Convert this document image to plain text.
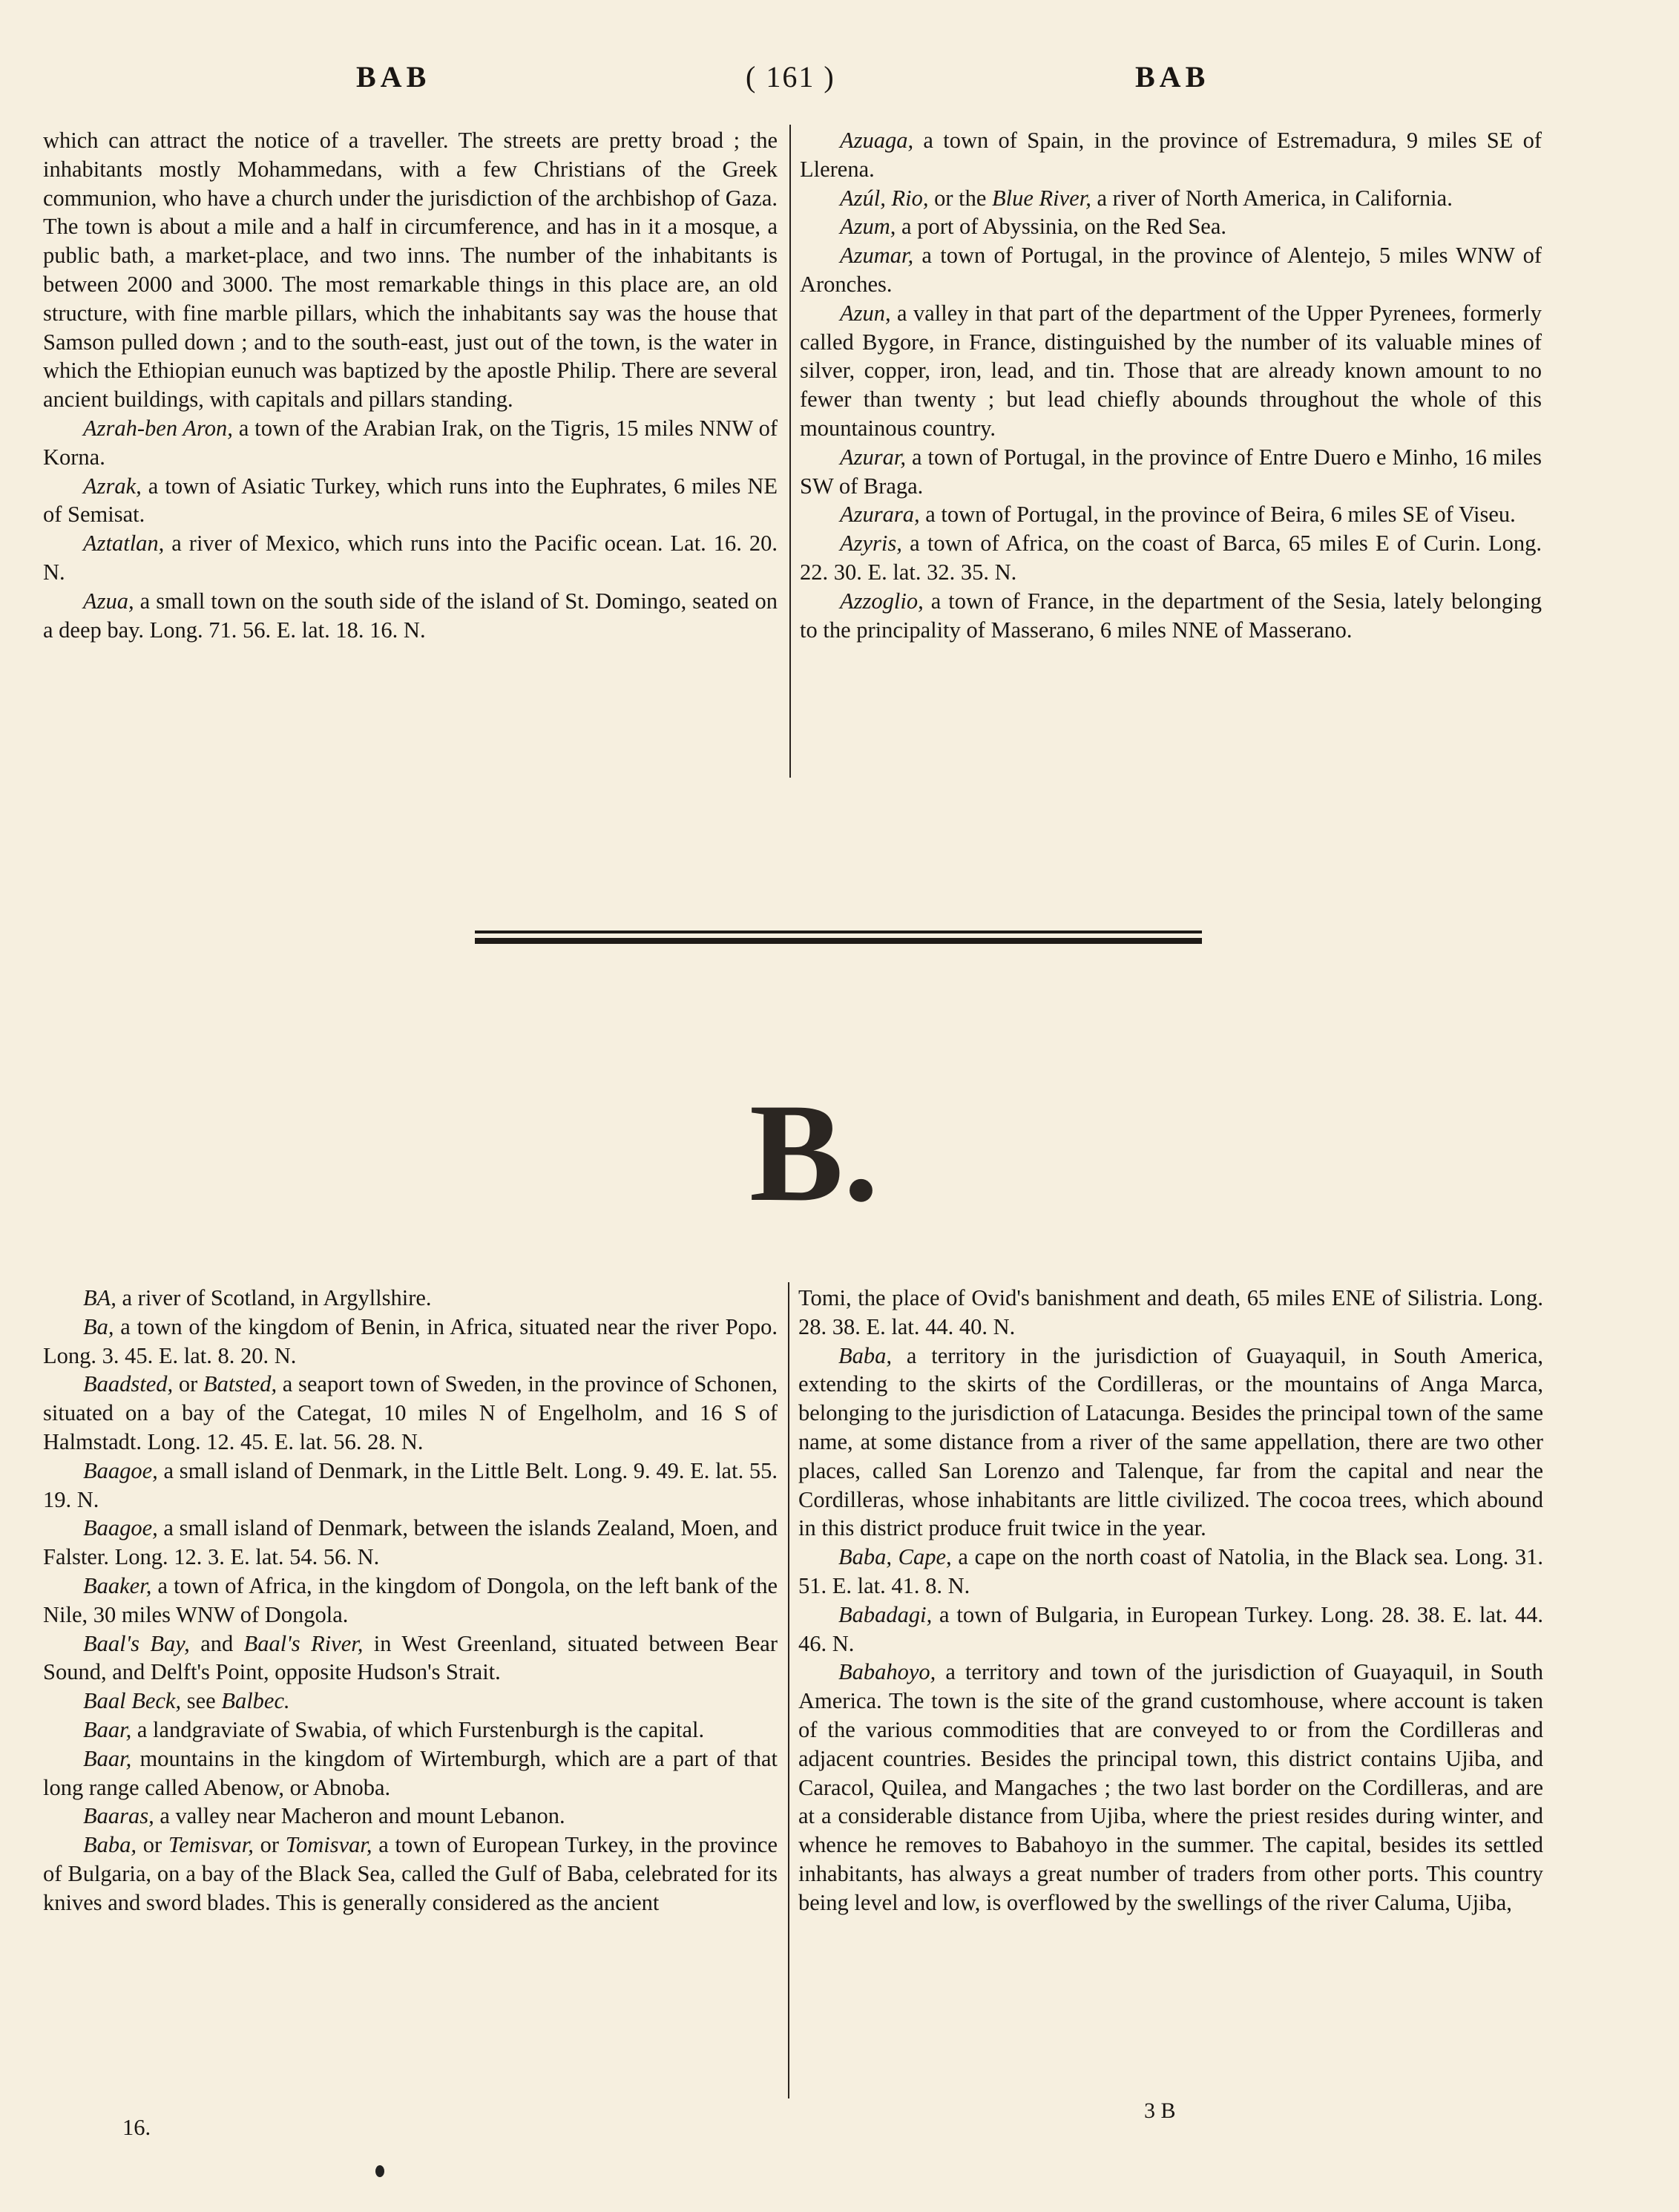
BAB	( 161 )	BAB

which can attract the notice of a traveller. The streets are pretty broad ; the inhabitants mostly Mohammedans, with a few Christians of the Greek communion, who have a church under the jurisdiction of the archbishop of Gaza. The town is about a mile and a half in circumference, and has in it a mosque, a public bath, a market-place, and two inns. The number of the inhabitants is between 2000 and 3000. The most remarkable things in this place are, an old structure, with fine marble pillars, which the inhabitants say was the house that Samson pulled down ; and to the south-east, just out of the town, is the water in which the Ethiopian eunuch was baptized by the apostle Philip. There are several ancient buildings, with capitals and pillars standing.

Azrah-ben Aron, a town of the Arabian Irak, on the Tigris, 15 miles NNW of Korna.

Azrak, a town of Asiatic Turkey, which runs into the Euphrates, 6 miles NE of Semisat.

Aztatlan, a river of Mexico, which runs into the Pacific ocean. Lat. 16. 20. N.

Azua, a small town on the south side of the island of St. Domingo, seated on a deep bay. Long. 71. 56. E. lat. 18. 16. N.

Azuaga, a town of Spain, in the province of Estremadura, 9 miles SE of Llerena.

Azúl, Rio, or the Blue River, a river of North America, in California.

Azum, a port of Abyssinia, on the Red Sea.

Azumar, a town of Portugal, in the province of Alentejo, 5 miles WNW of Aronches.

Azun, a valley in that part of the department of the Upper Pyrenees, formerly called Bygore, in France, distinguished by the number of its valuable mines of silver, copper, iron, lead, and tin. Those that are already known amount to no fewer than twenty ; but lead chiefly abounds throughout the whole of this mountainous country.

Azurar, a town of Portugal, in the province of Entre Duero e Minho, 16 miles SW of Braga.

Azurara, a town of Portugal, in the province of Beira, 6 miles SE of Viseu.

Azyris, a town of Africa, on the coast of Barca, 65 miles E of Curin. Long. 22. 30. E. lat. 32. 35. N.

Azzoglio, a town of France, in the department of the Sesia, lately belonging to the principality of Masserano, 6 miles NNE of Masserano.

B.

BA, a river of Scotland, in Argyllshire.

Ba, a town of the kingdom of Benin, in Africa, situated near the river Popo. Long. 3. 45. E. lat. 8. 20. N.

Baadsted, or Batsted, a seaport town of Sweden, in the province of Schonen, situated on a bay of the Categat, 10 miles N of Engelholm, and 16 S of Halmstadt. Long. 12. 45. E. lat. 56. 28. N.

Baagoe, a small island of Denmark, in the Little Belt. Long. 9. 49. E. lat. 55. 19. N.

Baagoe, a small island of Denmark, between the islands Zealand, Moen, and Falster. Long. 12. 3. E. lat. 54. 56. N.

Baaker, a town of Africa, in the kingdom of Dongola, on the left bank of the Nile, 30 miles WNW of Dongola.

Baal's Bay, and Baal's River, in West Greenland, situated between Bear Sound, and Delft's Point, opposite Hudson's Strait.

Baal Beck, see Balbec.

Baar, a landgraviate of Swabia, of which Furstenburgh is the capital.

Baar, mountains in the kingdom of Wirtemburgh, which are a part of that long range called Abenow, or Abnoba.

Baaras, a valley near Macheron and mount Lebanon.

Baba, or Temisvar, or Tomisvar, a town of European Turkey, in the province of Bulgaria, on a bay of the Black Sea, called the Gulf of Baba, celebrated for its knives and sword blades. This is generally considered as the ancient

Tomi, the place of Ovid's banishment and death, 65 miles ENE of Silistria. Long. 28. 38. E. lat. 44. 40. N.

Baba, a territory in the jurisdiction of Guayaquil, in South America, extending to the skirts of the Cordilleras, or the mountains of Anga Marca, belonging to the jurisdiction of Latacunga. Besides the principal town of the same name, at some distance from a river of the same appellation, there are two other places, called San Lorenzo and Talenque, far from the capital and near the Cordilleras, whose inhabitants are little civilized. The cocoa trees, which abound in this district produce fruit twice in the year.

Baba, Cape, a cape on the north coast of Natolia, in the Black sea. Long. 31. 51. E. lat. 41. 8. N.

Babadagi, a town of Bulgaria, in European Turkey. Long. 28. 38. E. lat. 44. 46. N.

Babahoyo, a territory and town of the jurisdiction of Guayaquil, in South America. The town is the site of the grand customhouse, where account is taken of the various commodities that are conveyed to or from the Cordilleras and adjacent countries. Besides the principal town, this district contains Ujiba, and Caracol, Quilea, and Mangaches ; the two last border on the Cordilleras, and are at a considerable distance from Ujiba, where the priest resides during winter, and whence he removes to Babahoyo in the summer. The capital, besides its settled inhabitants, has always a great number of traders from other ports. This country being level and low, is overflowed by the swellings of the river Caluma, Ujiba,

16.
3 B
